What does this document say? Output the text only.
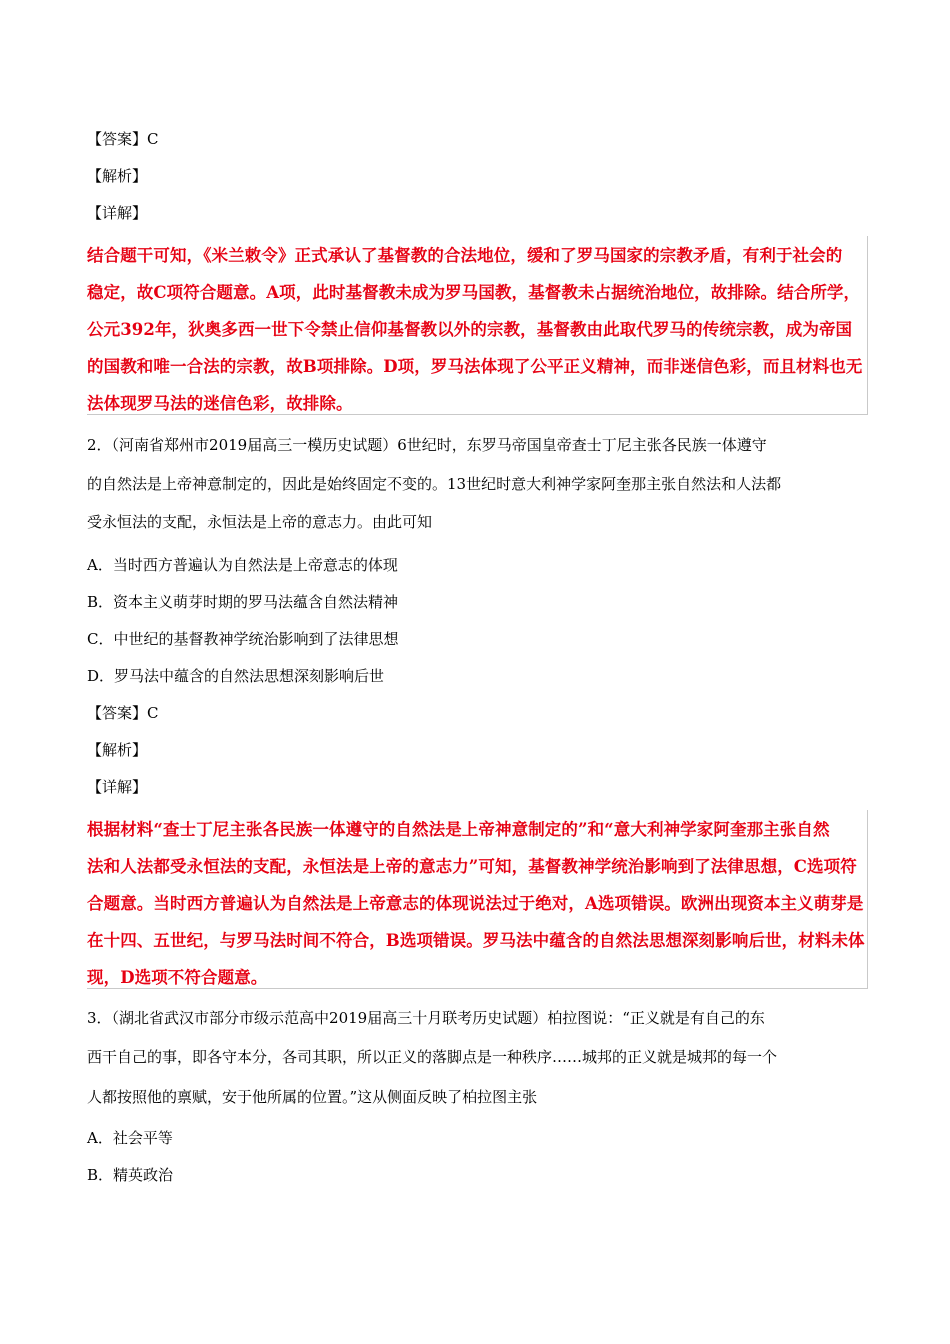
【答案】C
【解析】
【详解】
结合题干可知，《米兰敕令》正式承认了基督教的合法地位，缓和了罗马国家的宗教矛盾，有利于社会的
稳定，故C项符合题意。A项，此时基督教未成为罗马国教，基督教未占据统治地位，故排除。结合所学，
公元392年，狄奥多西一世下令禁止信仰基督教以外的宗教，基督教由此取代罗马的传统宗教，成为帝国
的国教和唯一合法的宗教，故B项排除。D项，罗马法体现了公平正义精神，而非迷信色彩，而且材料也无
法体现罗马法的迷信色彩，故排除。
2．（河南省郑州市2019届高三一模历史试题）6世纪时，东罗马帝国皇帝查士丁尼主张各民族一体遵守
的自然法是上帝神意制定的，因此是始终固定不变的。13世纪时意大利神学家阿奎那主张自然法和人法都
受永恒法的支配，永恒法是上帝的意志力。由此可知
A．当时西方普遍认为自然法是上帝意志的体现
B．资本主义萌芽时期的罗马法蕴含自然法精神
C．中世纪的基督教神学统治影响到了法律思想
D．罗马法中蕴含的自然法思想深刻影响后世
【答案】C
【解析】
【详解】
根据材料“查士丁尼主张各民族一体遵守的自然法是上帝神意制定的”和“意大利神学家阿奎那主张自然
法和人法都受永恒法的支配，永恒法是上帝的意志力”可知，基督教神学统治影响到了法律思想，C选项符
合题意。当时西方普遍认为自然法是上帝意志的体现说法过于绝对，A选项错误。欧洲出现资本主义萌芽是
在十四、五世纪，与罗马法时间不符合，B选项错误。罗马法中蕴含的自然法思想深刻影响后世，材料未体
现，D选项不符合题意。
3．（湖北省武汉市部分市级示范高中2019届高三十月联考历史试题）柏拉图说：“正义就是有自己的东
西干自己的事，即各守本分，各司其职，所以正义的落脚点是一种秩序……城邦的正义就是城邦的每一个
人都按照他的禀赋，安于他所属的位置。”这从侧面反映了柏拉图主张
A．社会平等
B．精英政治
